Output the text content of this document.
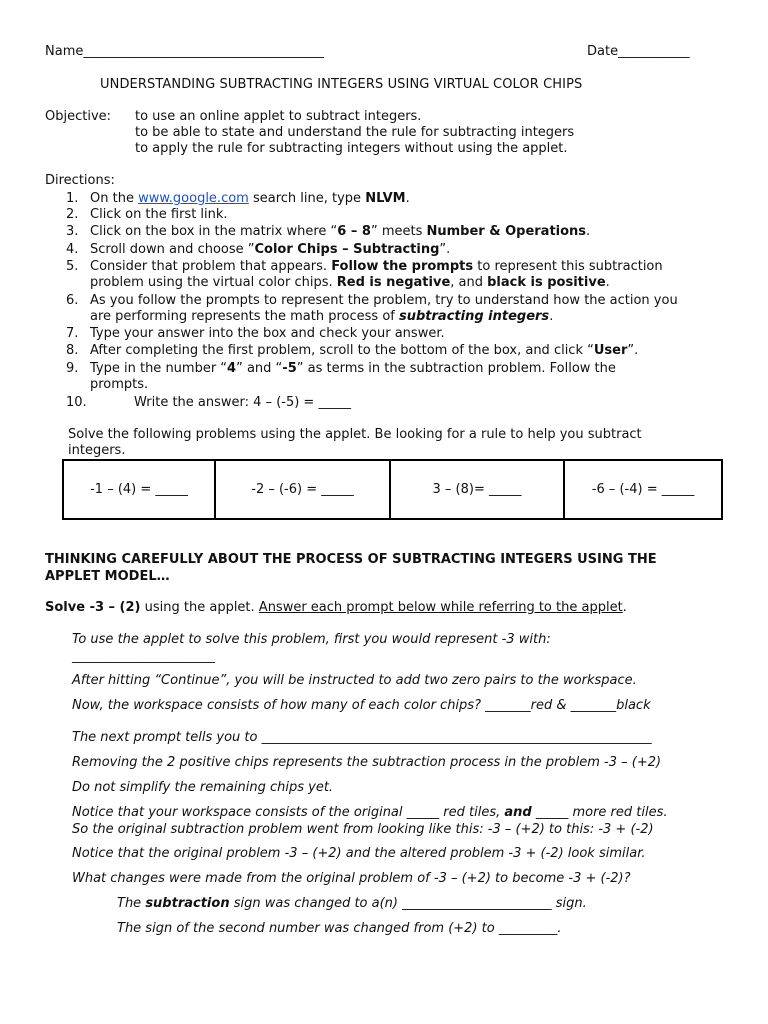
Name_____________________________________	Date___________
UNDERSTANDING SUBTRACTING INTEGERS USING VIRTUAL COLOR CHIPS
Objective: to use an online applet to subtract integers.
to be able to state and understand the rule for subtracting integers
to apply the rule for subtracting integers without using the applet.
Directions:
1. On the www.google.com search line, type NLVM.
2. Click on the first link.
3. Click on the box in the matrix where “6 – 8” meets Number & Operations.
4. Scroll down and choose ”Color Chips – Subtracting”.
5. Consider that problem that appears. Follow the prompts to represent this subtraction
problem using the virtual color chips. Red is negative, and black is positive.
6. As you follow the prompts to represent the problem, try to understand how the action you
are performing represents the math process of subtracting integers.
7. Type your answer into the box and check your answer.
8. After completing the first problem, scroll to the bottom of the box, and click “User”.
9. Type in the number “4” and “-5” as terms in the subtraction problem. Follow the
prompts.
10.	Write the answer: 4 – (-5) = _____
Solve the following problems using the applet. Be looking for a rule to help you subtract
integers.
-1 – (4) = _____	-2 – (-6) = _____	3 – (8)= _____	-6 – (-4) = _____
THINKING CAREFULLY ABOUT THE PROCESS OF SUBTRACTING INTEGERS USING THE
APPLET MODEL…
Solve -3 – (2) using the applet. Answer each prompt below while referring to the applet.
To use the applet to solve this problem, first you would represent -3 with:
______________________
After hitting “Continue”, you will be instructed to add two zero pairs to the workspace.
Now, the workspace consists of how many of each color chips? _______red & _______black
The next prompt tells you to ____________________________________________________________
Removing the 2 positive chips represents the subtraction process in the problem -3 – (+2)
Do not simplify the remaining chips yet.
Notice that your workspace consists of the original _____ red tiles, and _____ more red tiles.
So the original subtraction problem went from looking like this: -3 – (+2) to this: -3 + (-2)
Notice that the original problem -3 – (+2) and the altered problem -3 + (-2) look similar.
What changes were made from the original problem of -3 – (+2) to become -3 + (-2)?
The subtraction sign was changed to a(n) _______________________ sign.
The sign of the second number was changed from (+2) to _________.
